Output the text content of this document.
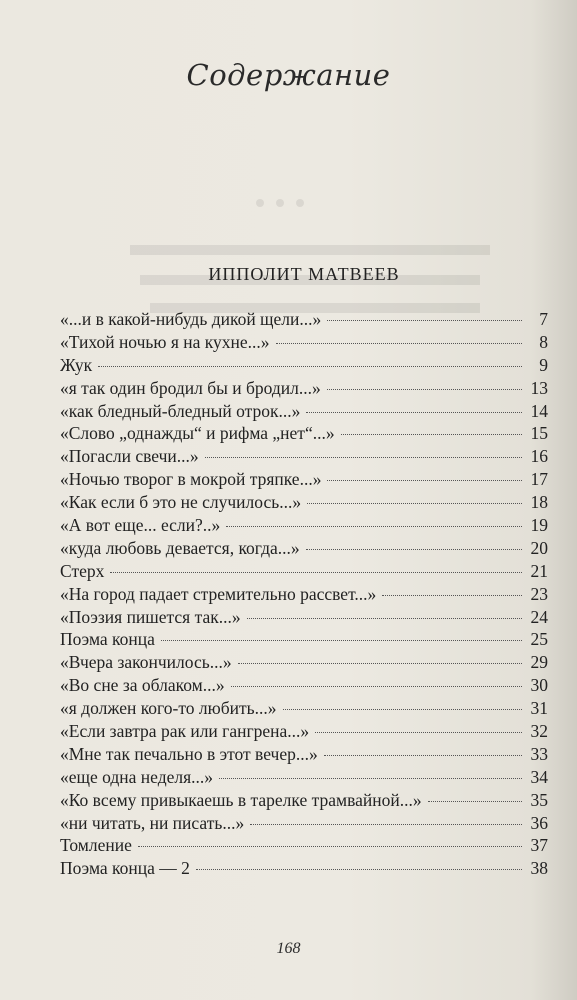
Содержание
ИППОЛИТ МАТВЕЕВ
«...и в какой-нибудь дикой щели...»	7
«Тихой ночью я на кухне...»	8
Жук	9
«я так один бродил бы и бродил...»	13
«как бледный-бледный отрок...»	14
«Слово „однажды“ и рифма „нет“...»	15
«Погасли свечи...»	16
«Ночью творог в мокрой тряпке...»	17
«Как если б это не случилось...»	18
«А вот еще... если?..»	19
«куда любовь девается, когда...»	20
Стерх	21
«На город падает стремительно рассвет...»	23
«Поэзия пишется так...»	24
Поэма конца	25
«Вчера закончилось...»	29
«Во сне за облаком...»	30
«я должен кого-то любить...»	31
«Если завтра рак или гангрена...»	32
«Мне так печально в этот вечер...»	33
«еще одна неделя...»	34
«Ко всему привыкаешь в тарелке трамвайной...»	35
«ни читать, ни писать...»	36
Томление	37
Поэма конца — 2	38
168
